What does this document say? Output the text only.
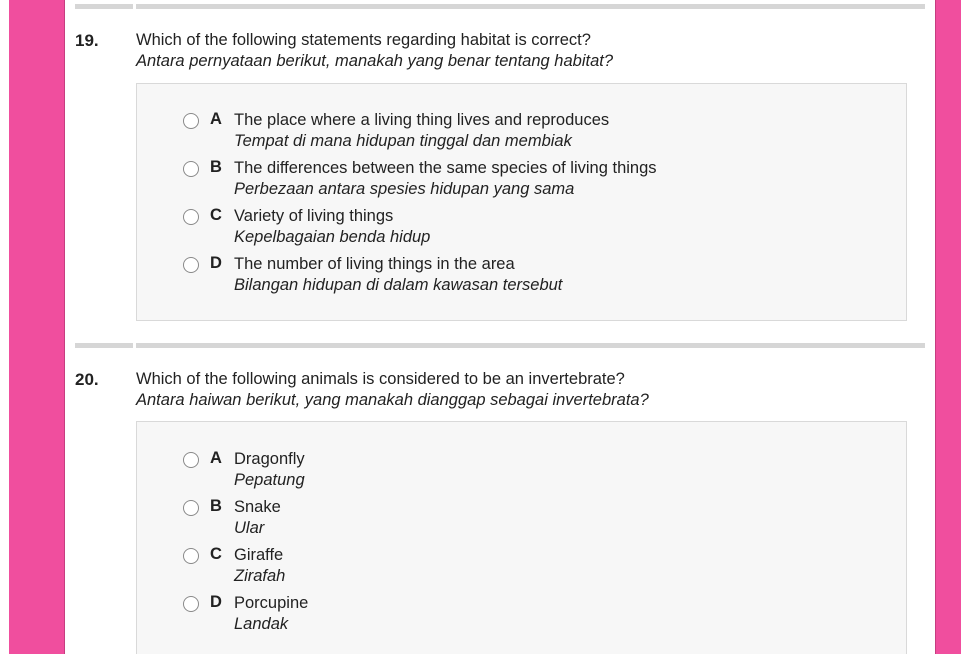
19. Which of the following statements regarding habitat is correct?
Antara pernyataan berikut, manakah yang benar tentang habitat?
A The place where a living thing lives and reproduces
Tempat di mana hidupan tinggal dan membiak
B The differences between the same species of living things
Perbezaan antara spesies hidupan yang sama
C Variety of living things
Kepelbagaian benda hidup
D The number of living things in the area
Bilangan hidupan di dalam kawasan tersebut
20. Which of the following animals is considered to be an invertebrate?
Antara haiwan berikut, yang manakah dianggap sebagai invertebrata?
A Dragonfly
Pepatung
B Snake
Ular
C Giraffe
Zirafah
D Porcupine
Landak
